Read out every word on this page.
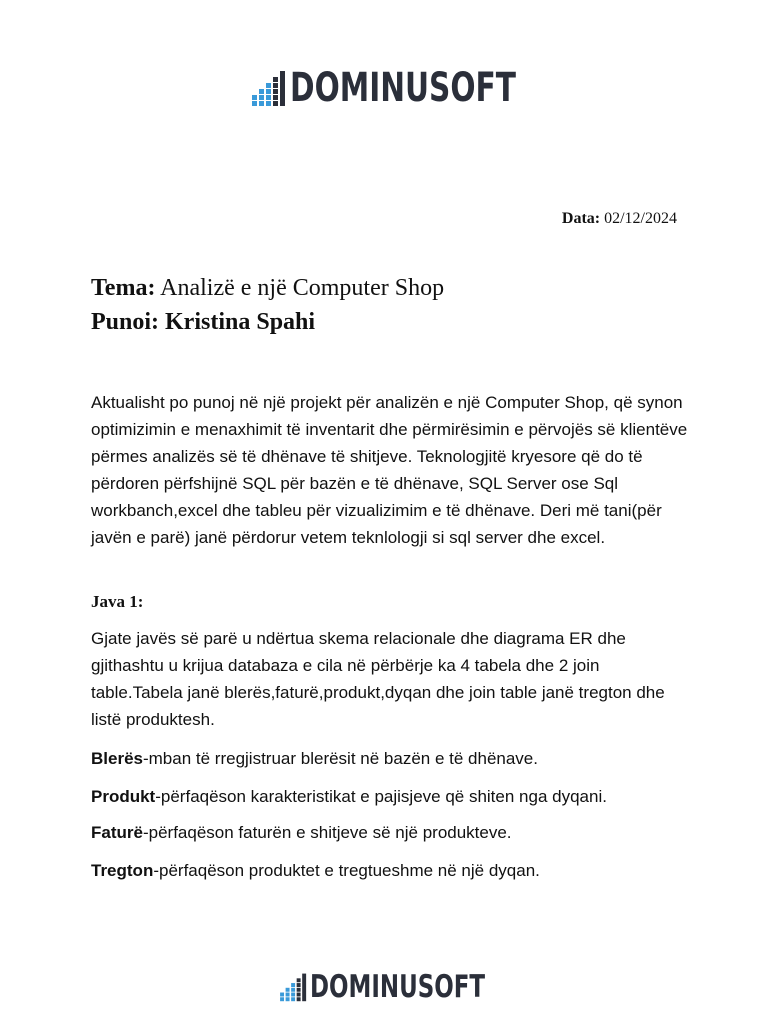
DOMINUSOFT
Data: 02/12/2024
Tema: Analizë e një Computer Shop
Punoi: Kristina Spahi

Aktualisht po punoj në një projekt për analizën e një Computer Shop, që synon optimizimin e menaxhimit të inventarit dhe përmirësimin e përvojës së klientëve përmes analizës së të dhënave të shitjeve. Teknologjitë kryesore që do të përdoren përfshijnë SQL për bazën e të dhënave, SQL Server ose Sql workbanch,excel dhe tableu për vizualizimim e të dhënave. Deri më tani(për javën e parë) janë përdorur vetem teknlologji si sql server dhe excel.

Java 1:

Gjate javës së parë u ndërtua skema relacionale dhe diagrama ER dhe gjithashtu u krijua databaza e cila në përbërje ka 4 tabela dhe 2 join table.Tabela janë blerës,faturë,produkt,dyqan dhe join table janë tregton dhe listë produktesh.

Blerës-mban të rregjistruar blerësit në bazën e të dhënave.
Produkt-përfaqëson karakteristikat e pajisjeve që shiten nga dyqani.
Faturë-përfaqëson faturën e shitjeve së një produkteve.
Tregton-përfaqëson produktet e tregtueshme në një dyqan.
DOMINUSOFT
